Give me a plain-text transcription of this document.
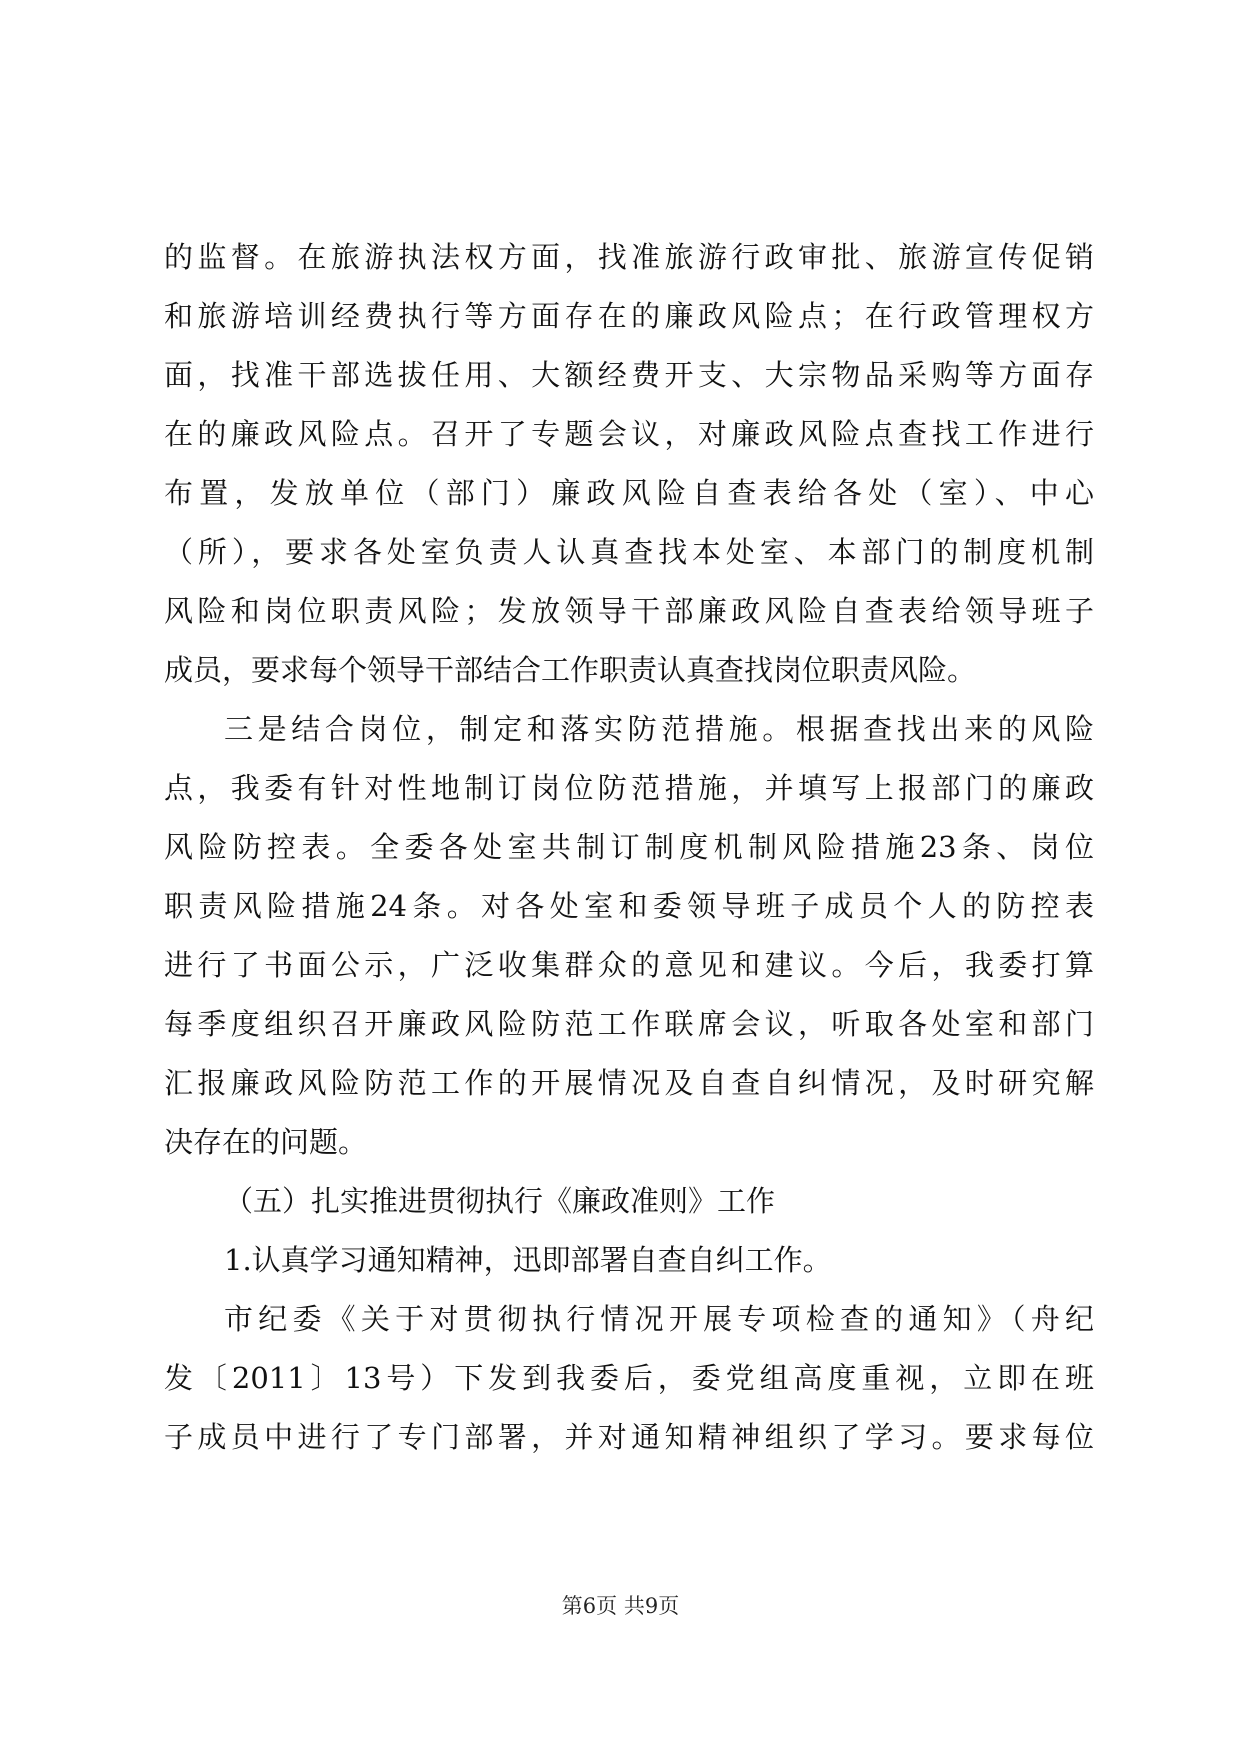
的监督。在旅游执法权方面，找准旅游行政审批、旅游宣传促销
和旅游培训经费执行等方面存在的廉政风险点；在行政管理权方
面，找准干部选拔任用、大额经费开支、大宗物品采购等方面存
在的廉政风险点。召开了专题会议，对廉政风险点查找工作进行
布置，发放单位（部门）廉政风险自查表给各处（室）、中心
（所），要求各处室负责人认真查找本处室、本部门的制度机制
风险和岗位职责风险；发放领导干部廉政风险自查表给领导班子
成员，要求每个领导干部结合工作职责认真查找岗位职责风险。
三是结合岗位，制定和落实防范措施。根据查找出来的风险
点，我委有针对性地制订岗位防范措施，并填写上报部门的廉政
风险防控表。全委各处室共制订制度机制风险措施23条、岗位
职责风险措施24条。对各处室和委领导班子成员个人的防控表
进行了书面公示，广泛收集群众的意见和建议。今后，我委打算
每季度组织召开廉政风险防范工作联席会议，听取各处室和部门
汇报廉政风险防范工作的开展情况及自查自纠情况，及时研究解
决存在的问题。
（五）扎实推进贯彻执行《廉政准则》工作
1.认真学习通知精神，迅即部署自查自纠工作。
市纪委《关于对贯彻执行情况开展专项检查的通知》（舟纪
发〔2011〕13号）下发到我委后，委党组高度重视，立即在班
子成员中进行了专门部署，并对通知精神组织了学习。要求每位
第6页 共9页
